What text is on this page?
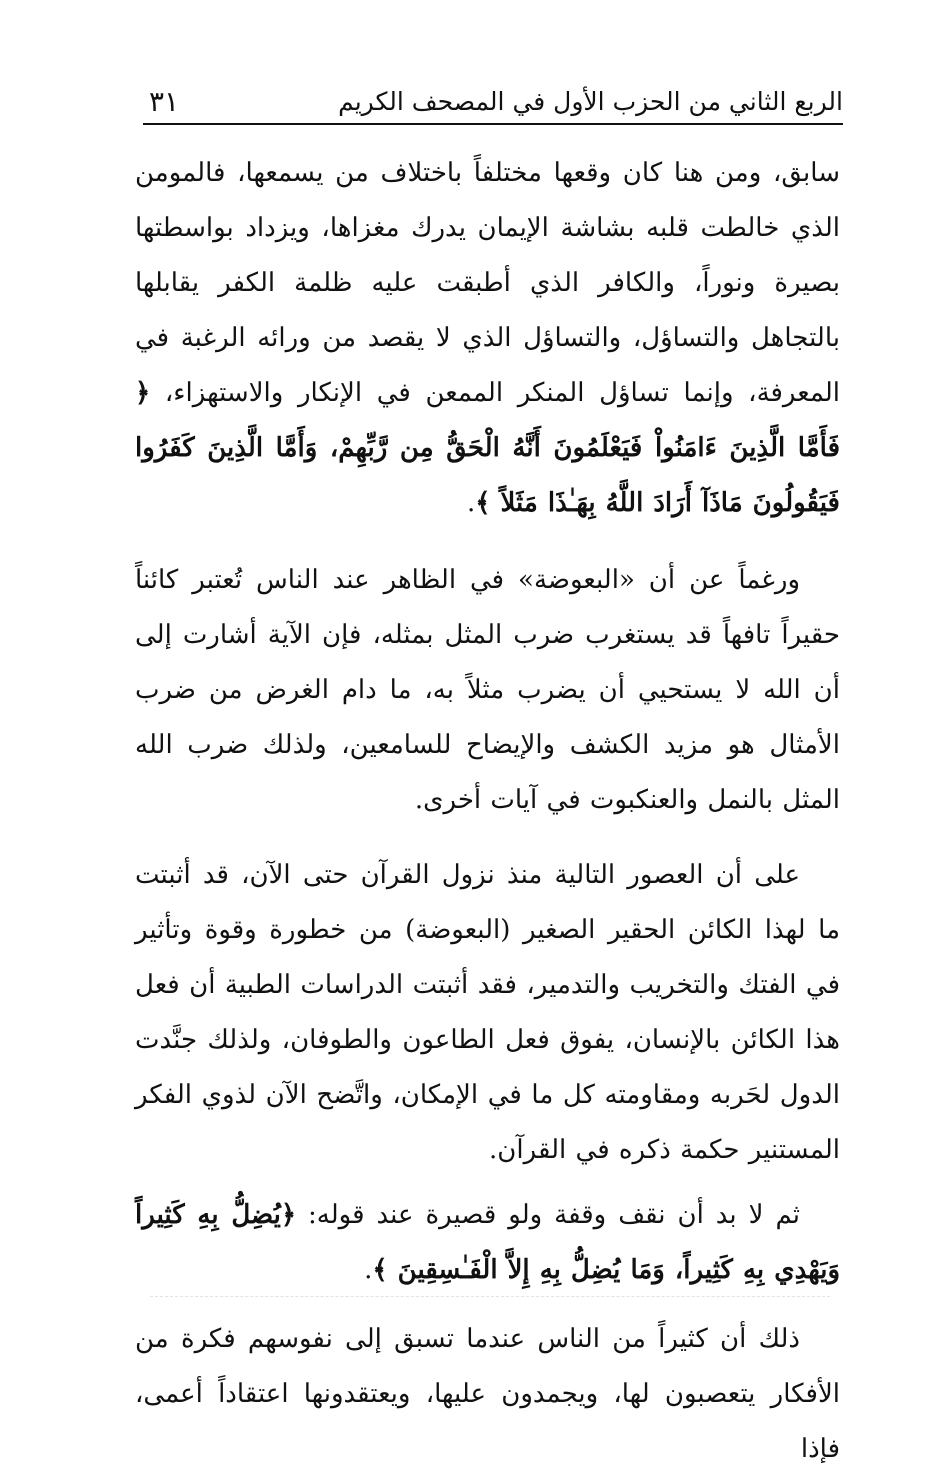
الربع الثاني من الحزب الأول في المصحف الكريم
٣١

سابق، ومن هنا كان وقعها مختلفاً باختلاف من يسمعها، فالمومن الذي خالطت قلبه بشاشة الإيمان يدرك مغزاها، ويزداد بواسطتها بصيرة ونوراً، والكافر الذي أطبقت عليه ظلمة الكفر يقابلها بالتجاهل والتساؤل، والتساؤل الذي لا يقصد من ورائه الرغبة في المعرفة، وإنما تساؤل المنكر الممعن في الإنكار والاستهزاء، ﴿ فَأَمَّا الَّذِينَ ءَامَنُواْ فَيَعْلَمُونَ أَنَّهُ الْحَقُّ مِن رَّبِّهِمْ، وَأَمَّا الَّذِينَ كَفَرُوا فَيَقُولُونَ مَاذَآ أَرَادَ اللَّهُ بِهَـٰذَا مَثَلاً ﴾.

ورغماً عن أن «البعوضة» في الظاهر عند الناس تُعتبر كائناً حقيراً تافهاً قد يستغرب ضرب المثل بمثله، فإن الآية أشارت إلى أن الله لا يستحيي أن يضرب مثلاً به، ما دام الغرض من ضرب الأمثال هو مزيد الكشف والإيضاح للسامعين، ولذلك ضرب الله المثل بالنمل والعنكبوت في آيات أخرى.

على أن العصور التالية منذ نزول القرآن حتى الآن، قد أثبتت ما لهذا الكائن الحقير الصغير (البعوضة) من خطورة وقوة وتأثير في الفتك والتخريب والتدمير، فقد أثبتت الدراسات الطبية أن فعل هذا الكائن بالإنسان، يفوق فعل الطاعون والطوفان، ولذلك جنَّدت الدول لحَربه ومقاومته كل ما في الإمكان، واتَّضح الآن لذوي الفكر المستنير حكمة ذكره في القرآن.

ثم لا بد أن نقف وقفة ولو قصيرة عند قوله: ﴿يُضِلُّ بِهِ كَثِيراً وَيَهْدِي بِهِ كَثِيراً، وَمَا يُضِلُّ بِهِ إِلاَّ الْفَـٰسِقِينَ ﴾.

ذلك أن كثيراً من الناس عندما تسبق إلى نفوسهم فكرة من الأفكار يتعصبون لها، ويجمدون عليها، ويعتقدونها اعتقاداً أعمى، فإذا
